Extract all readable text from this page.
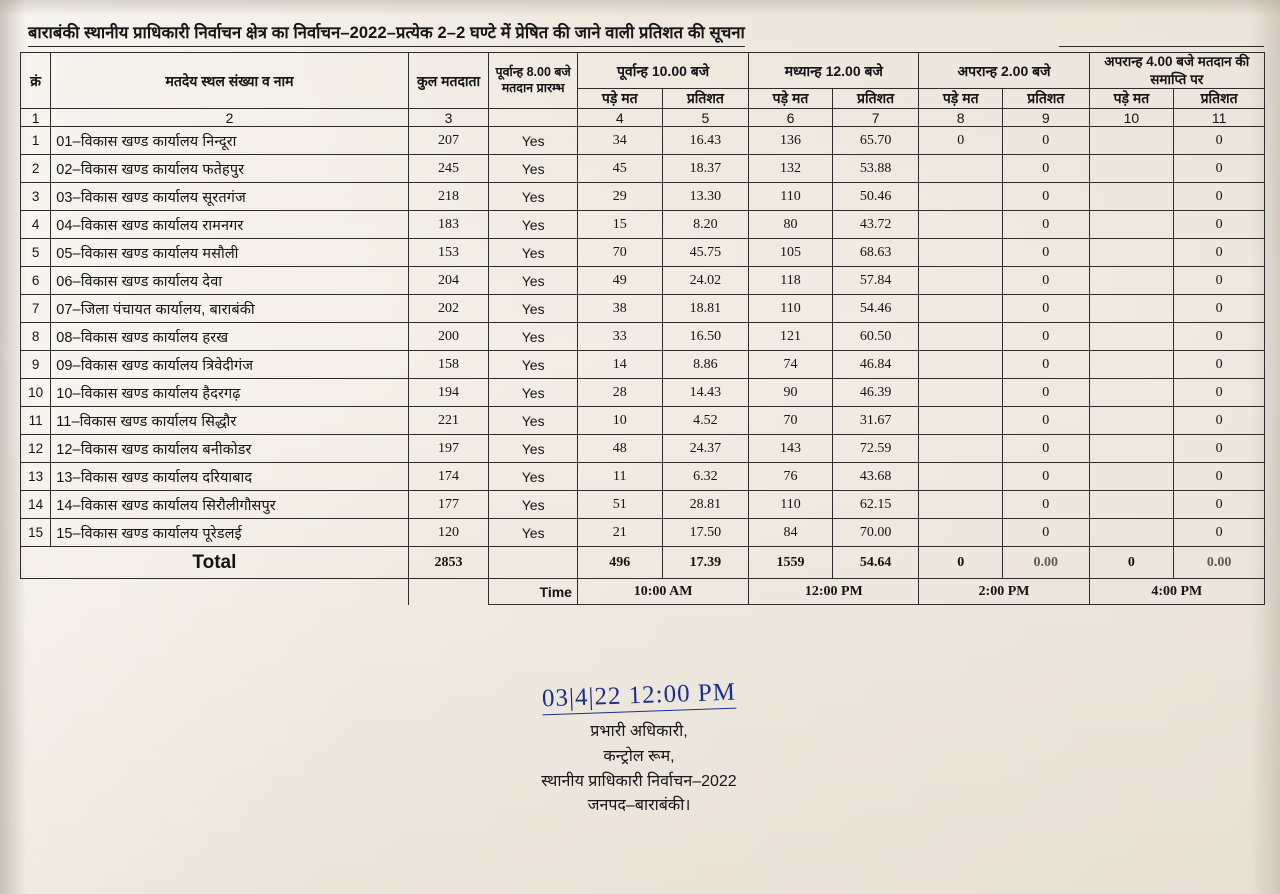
बाराबंकी स्थानीय प्राधिकारी निर्वाचन क्षेत्र का निर्वाचन–2022–प्रत्येक 2–2 घण्टे में प्रेषित की जाने वाली प्रतिशत की सूचना
क्रं	मतदेय स्थल संख्या व नाम	कुल मतदाता	पूर्वान्ह 8.00 बजे मतदान प्रारम्भ	पूर्वान्ह 10.00 बजे		मध्यान्ह 12.00 बजे		अपरान्ह 2.00 बजे		अपरान्ह 4.00 बजे मतदान की समाप्ति पर	
				पड़े मत	प्रतिशत	पड़े मत	प्रतिशत	पड़े मत	प्रतिशत	पड़े मत	प्रतिशत
1	2	3		4	5	6	7	8	9	10	11
1	01–विकास खण्ड कार्यालय निन्दूरा	207	Yes	34	16.43	136	65.70	0	0		0
2	02–विकास खण्ड कार्यालय फतेहपुर	245	Yes	45	18.37	132	53.88		0		0
3	03–विकास खण्ड कार्यालय सूरतगंज	218	Yes	29	13.30	110	50.46		0		0
4	04–विकास खण्ड कार्यालय रामनगर	183	Yes	15	8.20	80	43.72		0		0
5	05–विकास खण्ड कार्यालय मसौली	153	Yes	70	45.75	105	68.63		0		0
6	06–विकास खण्ड कार्यालय देवा	204	Yes	49	24.02	118	57.84		0		0
7	07–जिला पंचायत कार्यालय, बाराबंकी	202	Yes	38	18.81	110	54.46		0		0
8	08–विकास खण्ड कार्यालय हरख	200	Yes	33	16.50	121	60.50		0		0
9	09–विकास खण्ड कार्यालय त्रिवेदीगंज	158	Yes	14	8.86	74	46.84		0		0
10	10–विकास खण्ड कार्यालय हैदरगढ़	194	Yes	28	14.43	90	46.39		0		0
11	11–विकास खण्ड कार्यालय सिद्धौर	221	Yes	10	4.52	70	31.67		0		0
12	12–विकास खण्ड कार्यालय बनीकोडर	197	Yes	48	24.37	143	72.59		0		0
13	13–विकास खण्ड कार्यालय दरियाबाद	174	Yes	11	6.32	76	43.68		0		0
14	14–विकास खण्ड कार्यालय सिरौलीगौसपुर	177	Yes	51	28.81	110	62.15		0		0
15	15–विकास खण्ड कार्यालय पूरेडलई	120	Yes	21	17.50	84	70.00		0		0
Total		2853		496	17.39	1559	54.64	0	0.00	0	0.00
			Time	10:00 AM		12:00 PM		2:00 PM		4:00 PM	
03|4|22 12:00 PM
प्रभारी अधिकारी,
कन्ट्रोल रूम,
स्थानीय प्राधिकारी निर्वाचन–2022
जनपद–बाराबंकी।
